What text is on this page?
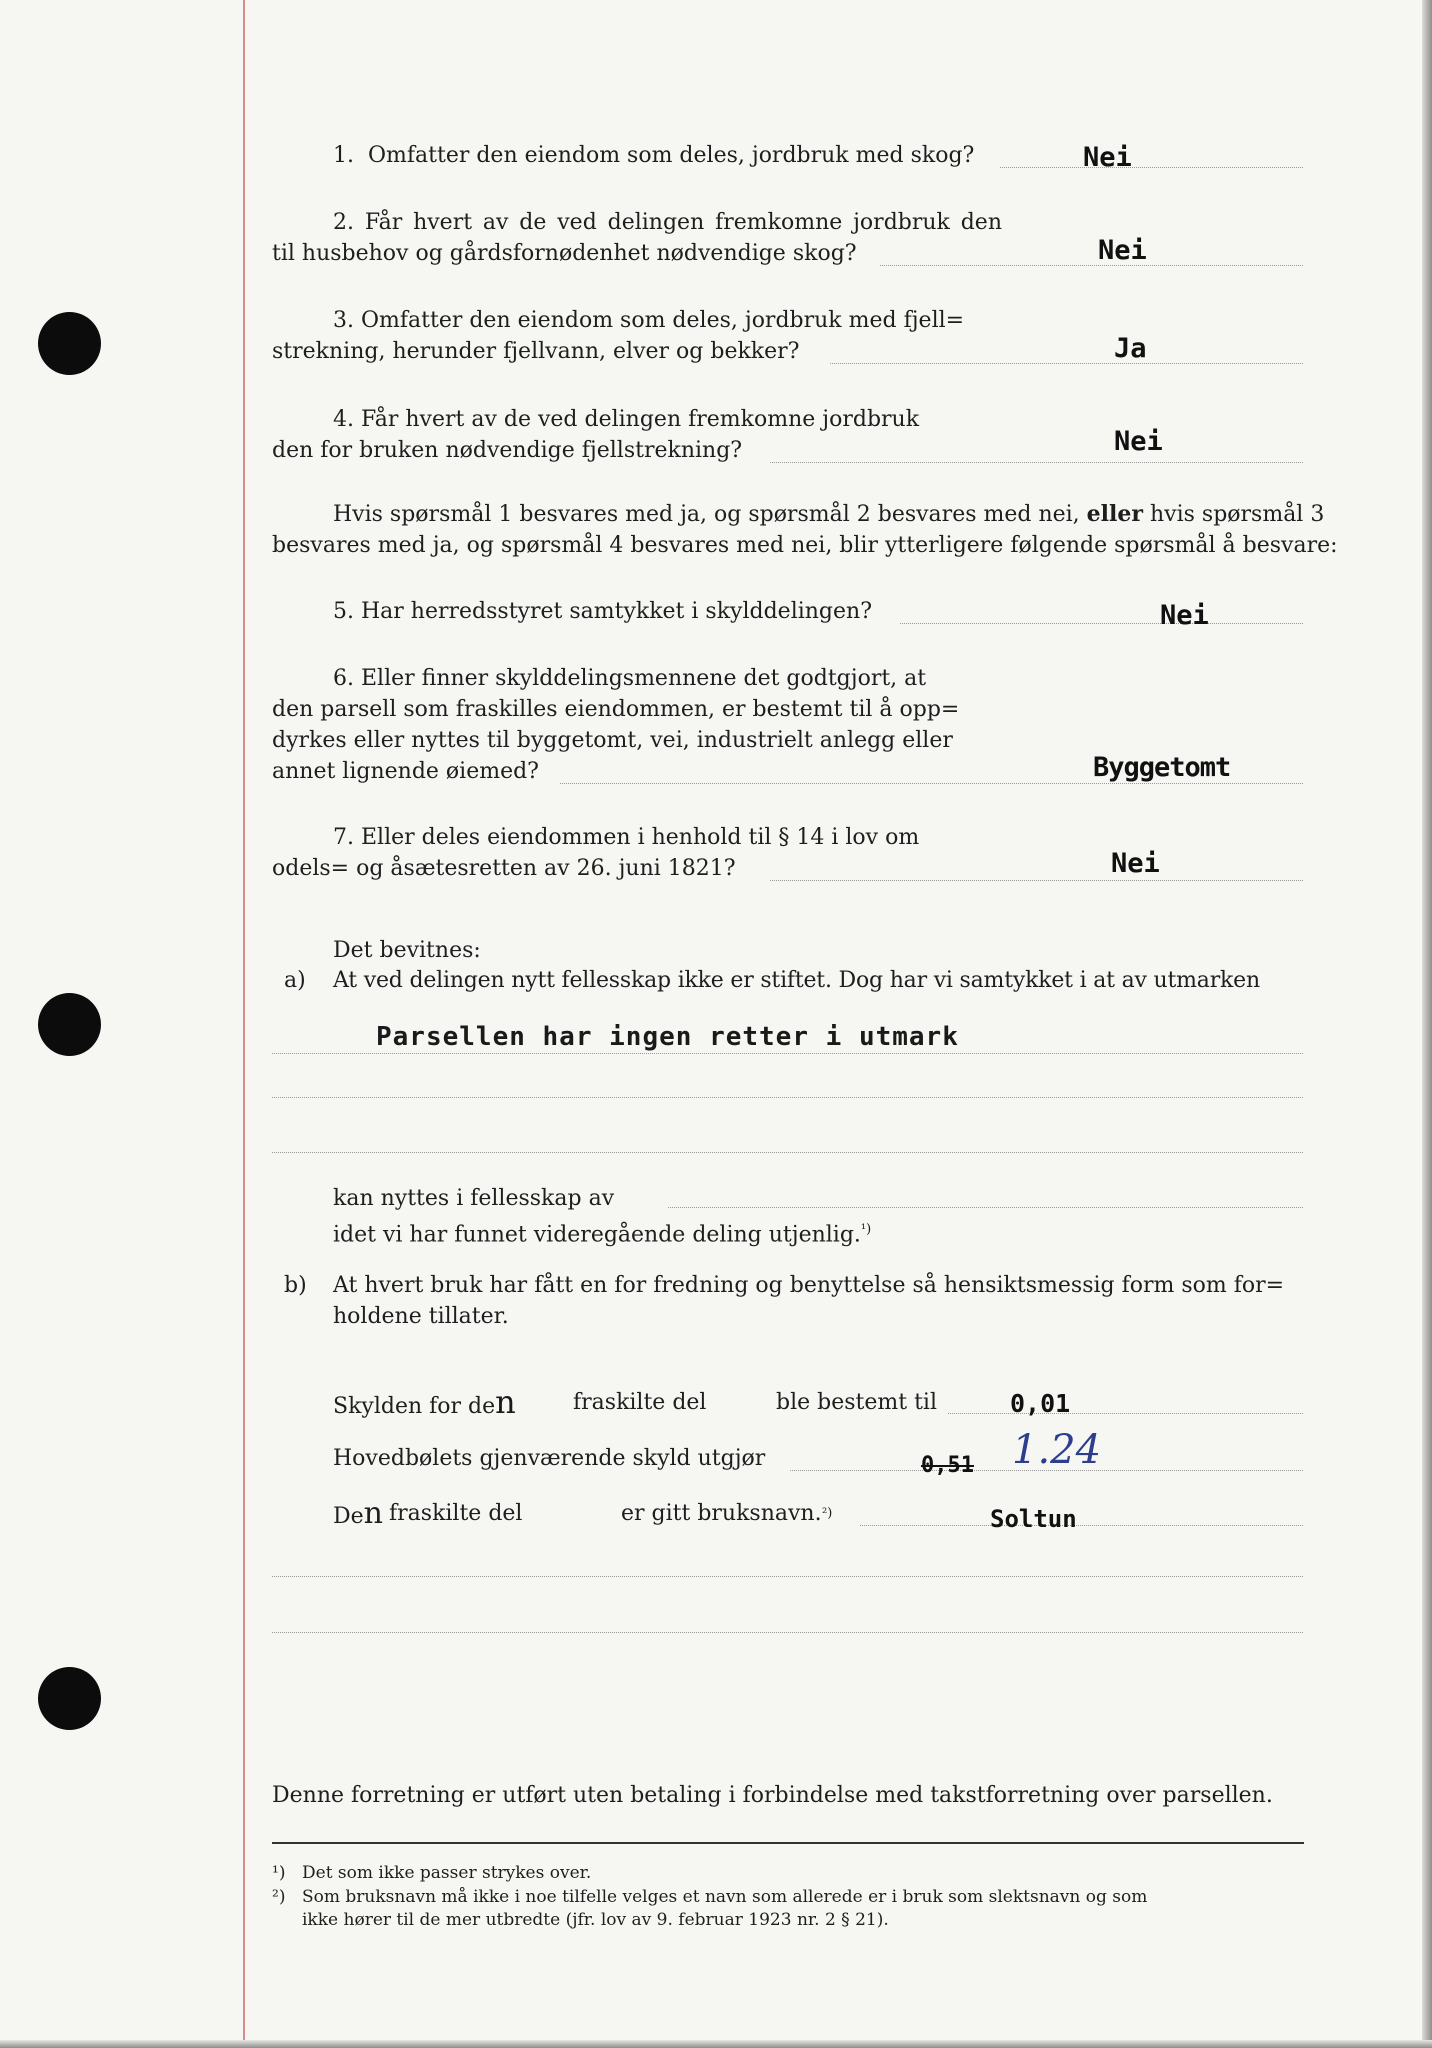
1.  Omfatter den eiendom som deles, jordbruk med skog?	Nei
2. Får hvert av de ved delingen fremkomne jordbruk den
til husbehov og gårdsfornødenhet nødvendige skog?	Nei
3. Omfatter den eiendom som deles, jordbruk med fjell=
strekning, herunder fjellvann, elver og bekker?	Ja
4. Får hvert av de ved delingen fremkomne jordbruk
den for bruken nødvendige fjellstrekning?	Nei
Hvis spørsmål 1 besvares med ja, og spørsmål 2 besvares med nei, eller hvis spørsmål 3
besvares med ja, og spørsmål 4 besvares med nei, blir ytterligere følgende spørsmål å besvare:
5. Har herredsstyret samtykket i skylddelingen?	Nei
6. Eller finner skylddelingsmennene det godtgjort, at
den parsell som fraskilles eiendommen, er bestemt til å opp=
dyrkes eller nyttes til byggetomt, vei, industrielt anlegg eller
annet lignende øiemed?	Byggetomt
7. Eller deles eiendommen i henhold til § 14 i lov om
odels= og åsætesretten av 26. juni 1821?	Nei
Det bevitnes:
a) At ved delingen nytt fellesskap ikke er stiftet. Dog har vi samtykket i at av utmarken
Parsellen har ingen retter i utmark
kan nyttes i fellesskap av
idet vi har funnet videregående deling utjenlig.$^{^1)}$
b) At hvert bruk har fått en for fredning og benyttelse så hensiktsmessig form som for=
holdene tillater.
Skylden for den	fraskilte del	ble bestemt til	0,01
Hovedbølets gjenværende skyld utgjør	0,51 1.24
Den fraskilte del	er gitt bruksnavn. ²)	Soltun
Denne forretning er utført uten betaling i forbindelse med takstforretning over parsellen.
¹) Det som ikke passer strykes over.
²) Som bruksnavn må ikke i noe tilfelle velges et navn som allerede er i bruk som slektsnavn og som
ikke hører til de mer utbredte (jfr. lov av 9. februar 1923 nr. 2 § 21).
